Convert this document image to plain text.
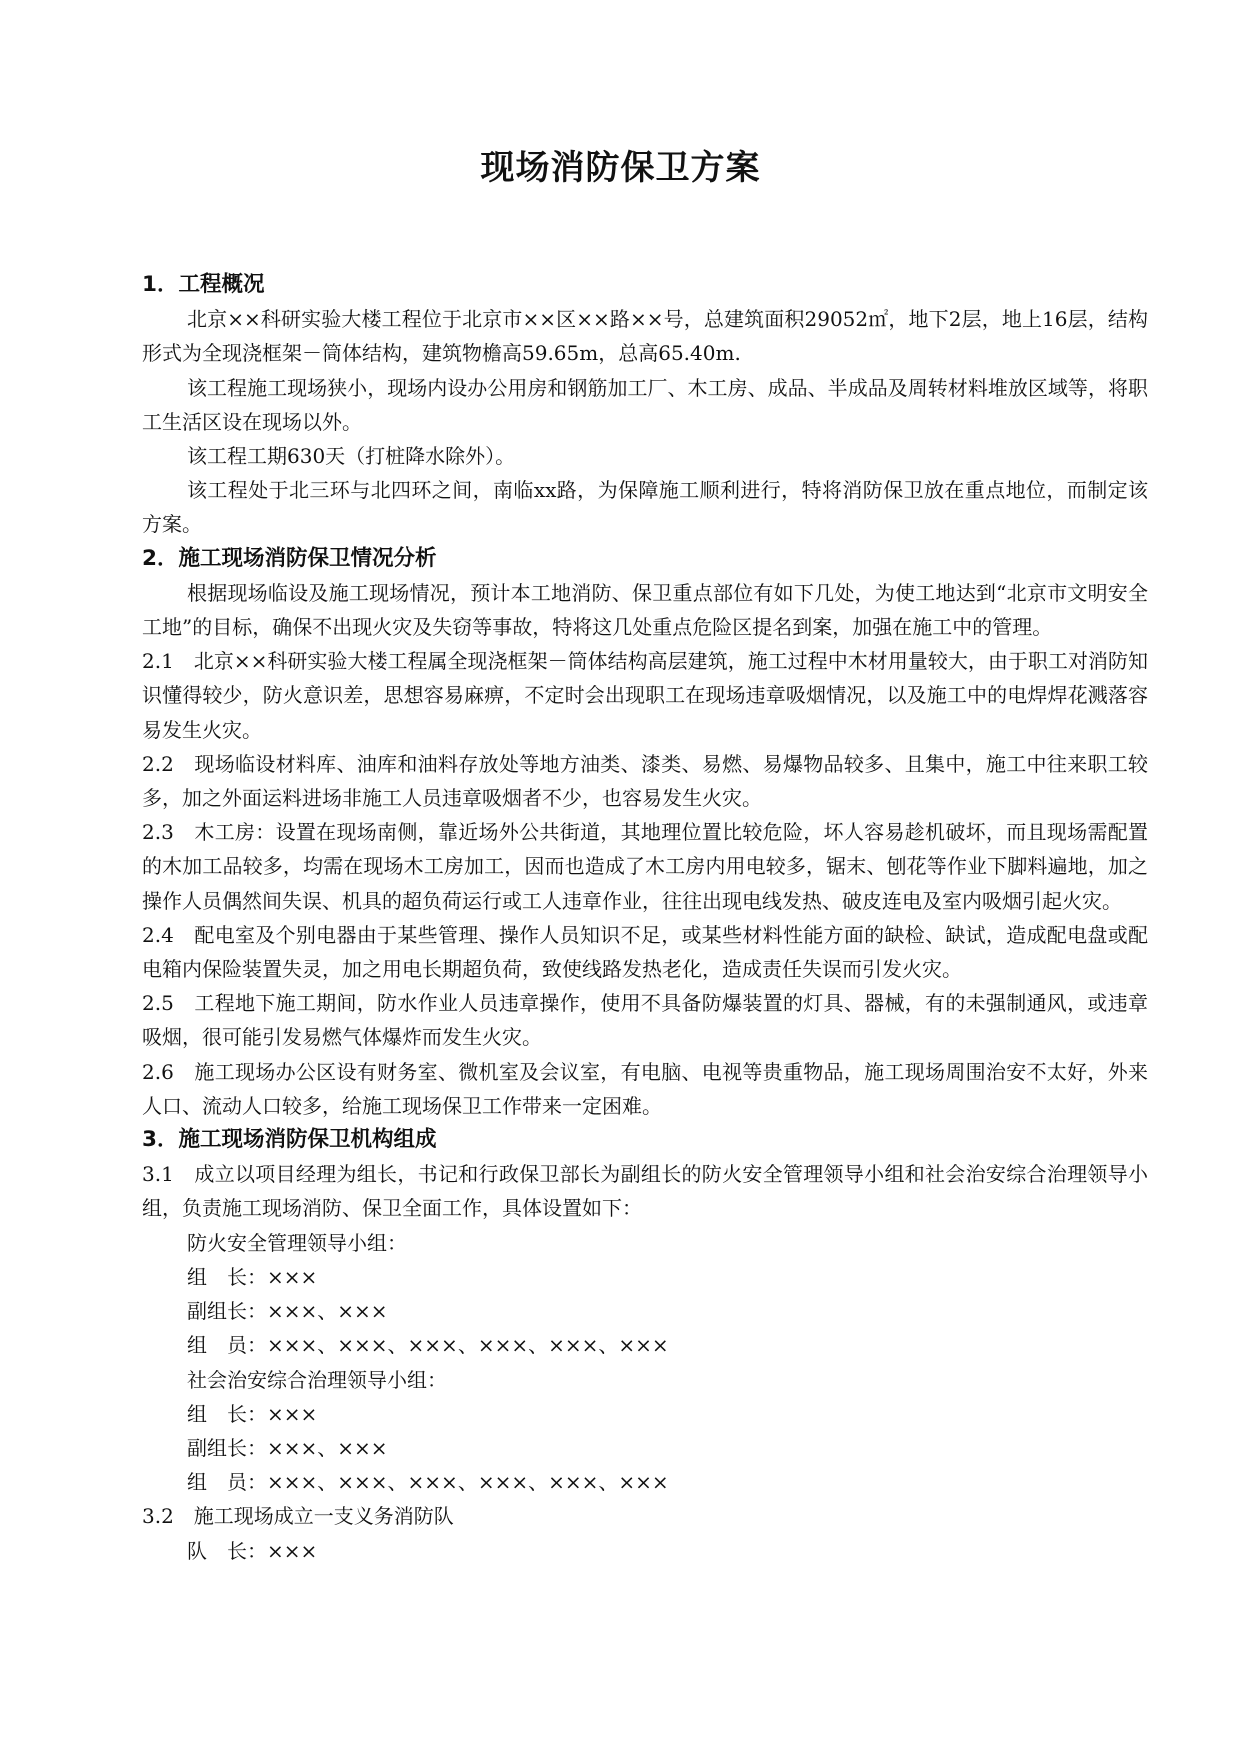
现场消防保卫方案
1．工程概况
北京××科研实验大楼工程位于北京市××区××路××号，总建筑面积29052㎡，地下2层，地上16层，结构形式为全现浇框架－筒体结构，建筑物檐高59.65m，总高65.40m.
该工程施工现场狭小，现场内设办公用房和钢筋加工厂、木工房、成品、半成品及周转材料堆放区域等，将职工生活区设在现场以外。
该工程工期630天（打桩降水除外）。
该工程处于北三环与北四环之间，南临xx路，为保障施工顺利进行，特将消防保卫放在重点地位，而制定该方案。
2．施工现场消防保卫情况分析
根据现场临设及施工现场情况，预计本工地消防、保卫重点部位有如下几处，为使工地达到“北京市文明安全工地”的目标，确保不出现火灾及失窃等事故，特将这几处重点危险区提名到案，加强在施工中的管理。
2.1　北京××科研实验大楼工程属全现浇框架－筒体结构高层建筑，施工过程中木材用量较大，由于职工对消防知识懂得较少，防火意识差，思想容易麻痹，不定时会出现职工在现场违章吸烟情况，以及施工中的电焊焊花溅落容易发生火灾。
2.2　现场临设材料库、油库和油料存放处等地方油类、漆类、易燃、易爆物品较多、且集中，施工中往来职工较多，加之外面运料进场非施工人员违章吸烟者不少，也容易发生火灾。
2.3　木工房：设置在现场南侧，靠近场外公共街道，其地理位置比较危险，坏人容易趁机破坏，而且现场需配置的木加工品较多，均需在现场木工房加工，因而也造成了木工房内用电较多，锯末、刨花等作业下脚料遍地，加之操作人员偶然间失误、机具的超负荷运行或工人违章作业，往往出现电线发热、破皮连电及室内吸烟引起火灾。
2.4　配电室及个别电器由于某些管理、操作人员知识不足，或某些材料性能方面的缺检、缺试，造成配电盘或配电箱内保险装置失灵，加之用电长期超负荷，致使线路发热老化，造成责任失误而引发火灾。
2.5　工程地下施工期间，防水作业人员违章操作，使用不具备防爆装置的灯具、器械，有的未强制通风，或违章吸烟，很可能引发易燃气体爆炸而发生火灾。
2.6　施工现场办公区设有财务室、微机室及会议室，有电脑、电视等贵重物品，施工现场周围治安不太好，外来人口、流动人口较多，给施工现场保卫工作带来一定困难。
3．施工现场消防保卫机构组成
3.1　成立以项目经理为组长，书记和行政保卫部长为副组长的防火安全管理领导小组和社会治安综合治理领导小组，负责施工现场消防、保卫全面工作，具体设置如下：
防火安全管理领导小组：
组　长：×××
副组长：×××、×××
组　员：×××、×××、×××、×××、×××、×××
社会治安综合治理领导小组：
组　长：×××
副组长：×××、×××
组　员：×××、×××、×××、×××、×××、×××
3.2　施工现场成立一支义务消防队
队　长：×××
